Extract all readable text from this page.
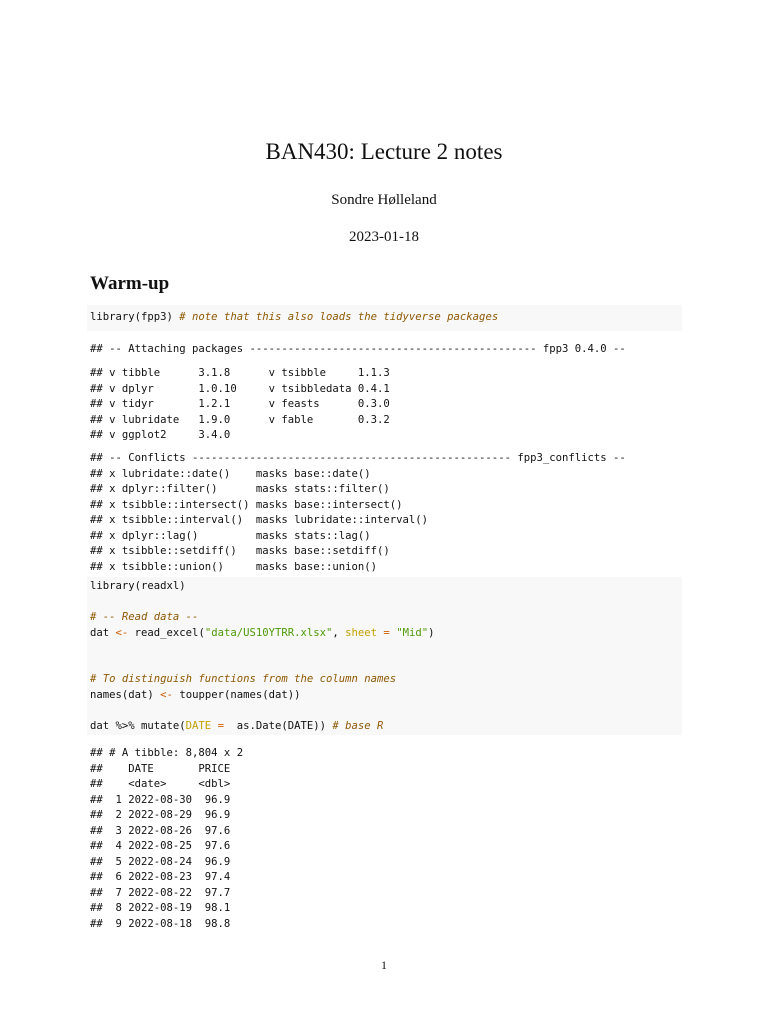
BAN430: Lecture 2 notes
Sondre Hølleland
2023-01-18
Warm-up
library(fpp3) # note that this also loads the tidyverse packages
## -- Attaching packages --------------------------------------------- fpp3 0.4.0 --
## v tibble      3.1.8      v tsibble     1.1.3
## v dplyr       1.0.10     v tsibbledata 0.4.1
## v tidyr       1.2.1      v feasts      0.3.0
## v lubridate   1.9.0      v fable       0.3.2
## v ggplot2     3.4.0
## -- Conflicts -------------------------------------------------- fpp3_conflicts --
## x lubridate::date()    masks base::date()
## x dplyr::filter()      masks stats::filter()
## x tsibble::intersect() masks base::intersect()
## x tsibble::interval()  masks lubridate::interval()
## x dplyr::lag()         masks stats::lag()
## x tsibble::setdiff()   masks base::setdiff()
## x tsibble::union()     masks base::union()
library(readxl)

# -- Read data --
dat <- read_excel("data/US10YTRR.xlsx", sheet = "Mid")

# To distinguish functions from the column names
names(dat) <- toupper(names(dat))

dat %>% mutate(DATE =  as.Date(DATE)) # base R
## # A tibble: 8,804 x 2
##    DATE       PRICE
##    <date>     <dbl>
##  1 2022-08-30  96.9
##  2 2022-08-29  96.9
##  3 2022-08-26  97.6
##  4 2022-08-25  97.6
##  5 2022-08-24  96.9
##  6 2022-08-23  97.4
##  7 2022-08-22  97.7
##  8 2022-08-19  98.1
##  9 2022-08-18  98.8
1
